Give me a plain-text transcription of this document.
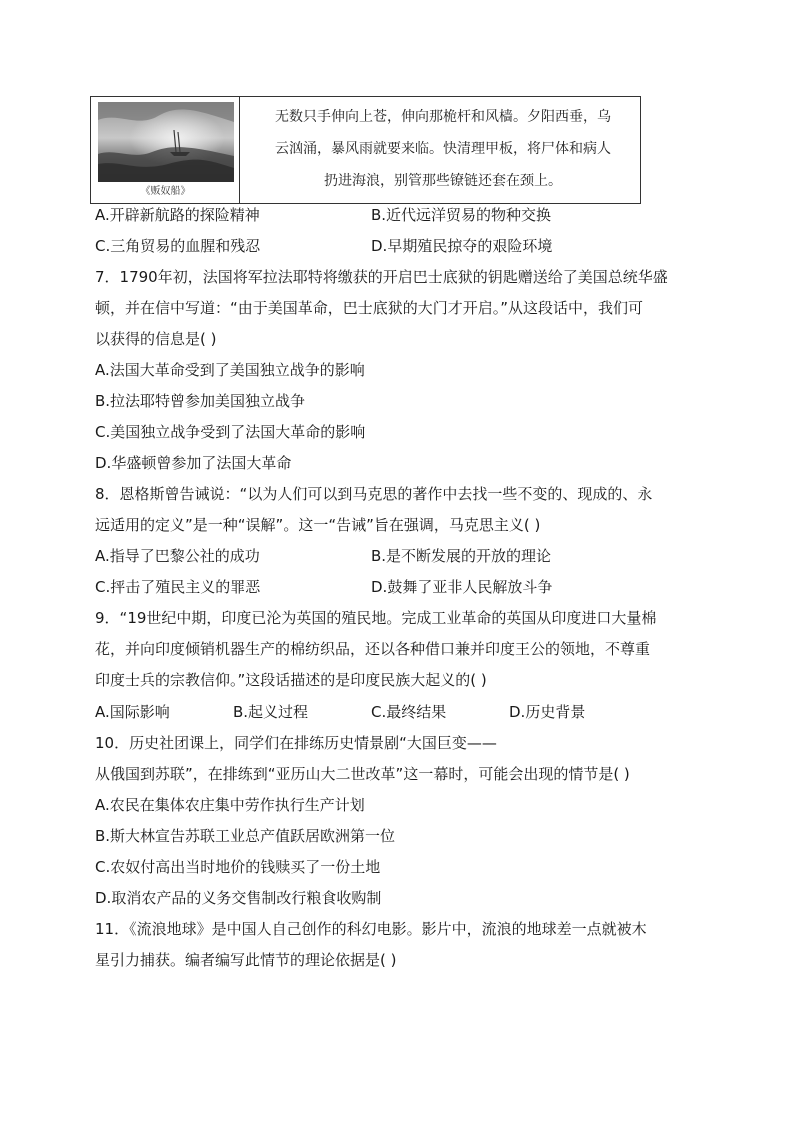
《贩奴船》
无数只手伸向上苍，伸向那桅杆和风樯。夕阳西垂，乌
云汹涌，暴风雨就要来临。快清理甲板，将尸体和病人
扔进海浪，别管那些镣链还套在颈上。
A.开辟新航路的探险精神	B.近代远洋贸易的物种交换
C.三角贸易的血腥和残忍	D.早期殖民掠夺的艰险环境
7．1790年初，法国将军拉法耶特将缴获的开启巴士底狱的钥匙赠送给了美国总统华盛
顿，并在信中写道：“由于美国革命，巴士底狱的大门才开启。”从这段话中，我们可
以获得的信息是( )
A.法国大革命受到了美国独立战争的影响
B.拉法耶特曾参加美国独立战争
C.美国独立战争受到了法国大革命的影响
D.华盛顿曾参加了法国大革命
8．恩格斯曾告诫说：“以为人们可以到马克思的著作中去找一些不变的、现成的、永
远适用的定义”是一种“误解”。这一“告诫”旨在强调，马克思主义( )
A.指导了巴黎公社的成功	B.是不断发展的开放的理论
C.抨击了殖民主义的罪恶	D.鼓舞了亚非人民解放斗争
9．“19世纪中期，印度已沦为英国的殖民地。完成工业革命的英国从印度进口大量棉
花，并向印度倾销机器生产的棉纺织品，还以各种借口兼并印度王公的领地，不尊重
印度士兵的宗教信仰。”这段话描述的是印度民族大起义的( )
A.国际影响	B.起义过程	C.最终结果	D.历史背景
10．历史社团课上，同学们在排练历史情景剧“大国巨变——
从俄国到苏联”，在排练到“亚历山大二世改革”这一幕时，可能会出现的情节是( )
A.农民在集体农庄集中劳作执行生产计划
B.斯大林宣告苏联工业总产值跃居欧洲第一位
C.农奴付高出当时地价的钱赎买了一份土地
D.取消农产品的义务交售制改行粮食收购制
11．《流浪地球》是中国人自己创作的科幻电影。影片中，流浪的地球差一点就被木
星引力捕获。编者编写此情节的理论依据是( )
